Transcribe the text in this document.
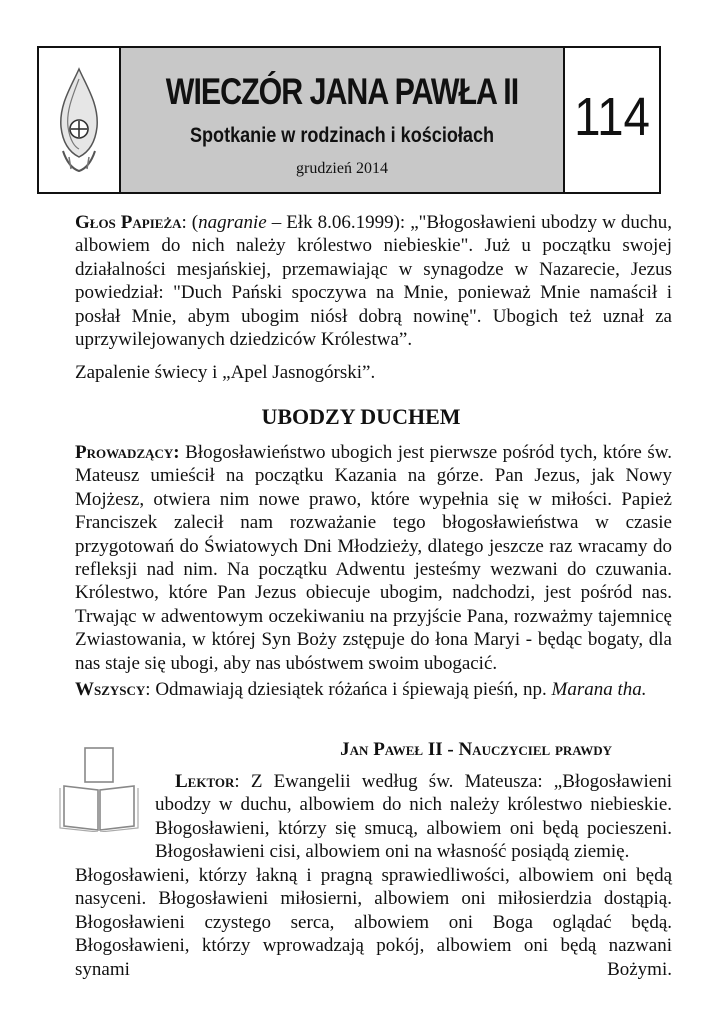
WIECZÓR JANA PAWŁA II
Spotkanie w rodzinach i kościołach
grudzień 2014
114
Głos Papieża: (nagranie – Ełk 8.06.1999): „"Błogosławieni ubodzy w duchu, albowiem do nich należy królestwo niebieskie". Już u początku swojej działalności mesjańskiej, przemawiając w synagodze w Nazarecie, Jezus powiedział: "Duch Pański spoczywa na Mnie, ponieważ Mnie namaścił i posłał Mnie, abym ubogim niósł dobrą nowinę". Ubogich też uznał za uprzywilejowanych dziedziców Królestwa”.
Zapalenie świecy i „Apel Jasnogórski”.
UBODZY DUCHEM
Prowadzący: Błogosławieństwo ubogich jest pierwsze pośród tych, które św. Mateusz umieścił na początku Kazania na górze. Pan Jezus, jak Nowy Mojżesz, otwiera nim nowe prawo, które wypełnia się w miłości. Papież Franciszek zalecił nam rozważanie tego błogosławieństwa w czasie przygotowań do Światowych Dni Młodzieży, dlatego jeszcze raz wracamy do refleksji nad nim. Na początku Adwentu jesteśmy wezwani do czuwania. Królestwo, które Pan Jezus obiecuje ubogim, nadchodzi, jest pośród nas. Trwając w adwentowym oczekiwaniu na przyjście Pana, rozważmy tajemnicę Zwiastowania, w której Syn Boży zstępuje do łona Maryi - będąc bogaty, dla nas staje się ubogi, aby nas ubóstwem swoim ubogacić.
Wszyscy: Odmawiają dziesiątek różańca i śpiewają pieśń, np. Marana tha.
Jan Paweł II - Nauczyciel prawdy
Lektor: Z Ewangelii według św. Mateusza: „Błogosławieni ubodzy w duchu, albowiem do nich należy królestwo niebieskie. Błogosławieni, którzy się smucą, albowiem oni będą pocieszeni. Błogosławieni cisi, albowiem oni na własność posiądą ziemię.
Błogosławieni, którzy łakną i pragną sprawiedliwości, albowiem oni będą nasyceni. Błogosławieni miłosierni, albowiem oni miłosierdzia dostąpią. Błogosławieni czystego serca, albowiem oni Boga oglądać będą. Błogosławieni, którzy wprowadzają pokój, albowiem oni będą nazwani synami Bożymi.
